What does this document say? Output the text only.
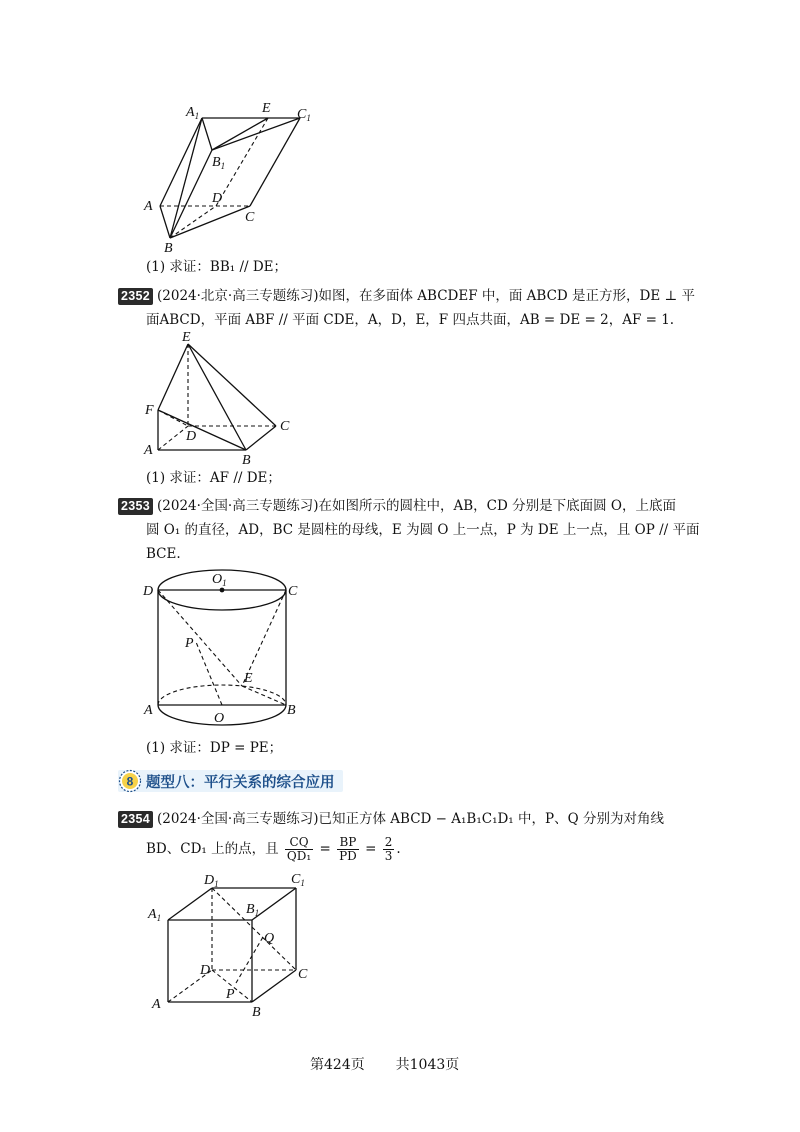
$A_1$	E $C_1$
$B_1$
D
A
C
B
(1) 求证：BB₁ // DE；
2352 (2024·北京·高三专题练习)如图，在多面体 ABCDEF 中，面 ABCD 是正方形，DE ⊥ 平
面ABCD，平面 ABF // 平面 CDE，A，D，E，F 四点共面，AB = DE = 2，AF = 1.
E
F
D
C
A
B
(1) 求证：AF // DE；
2353 (2024·全国·高三专题练习)在如图所示的圆柱中，AB，CD 分别是下底面圆 O，上底面
圆 O₁ 的直径，AD，BC 是圆柱的母线，E 为圆 O 上一点，P 为 DE 上一点，且 OP // 平面
BCE.
D
$O_1$
C
P
E
A
O
B
(1) 求证：DP = PE；
8 题型八：平行关系的综合应用
2354 (2024·全国·高三专题练习)已知正方体 ABCD − A₁B₁C₁D₁ 中，P、Q 分别为对角线
BD、CD₁ 上的点，且 $\frac{CQ}{\text{QD₁}} = \frac{BP}{PD} = \frac{2}{3}$ .
$D_1$	$C_1$
$A_1$
$B_1$
Q
D	C
P
A
B
第424页 共1043页
